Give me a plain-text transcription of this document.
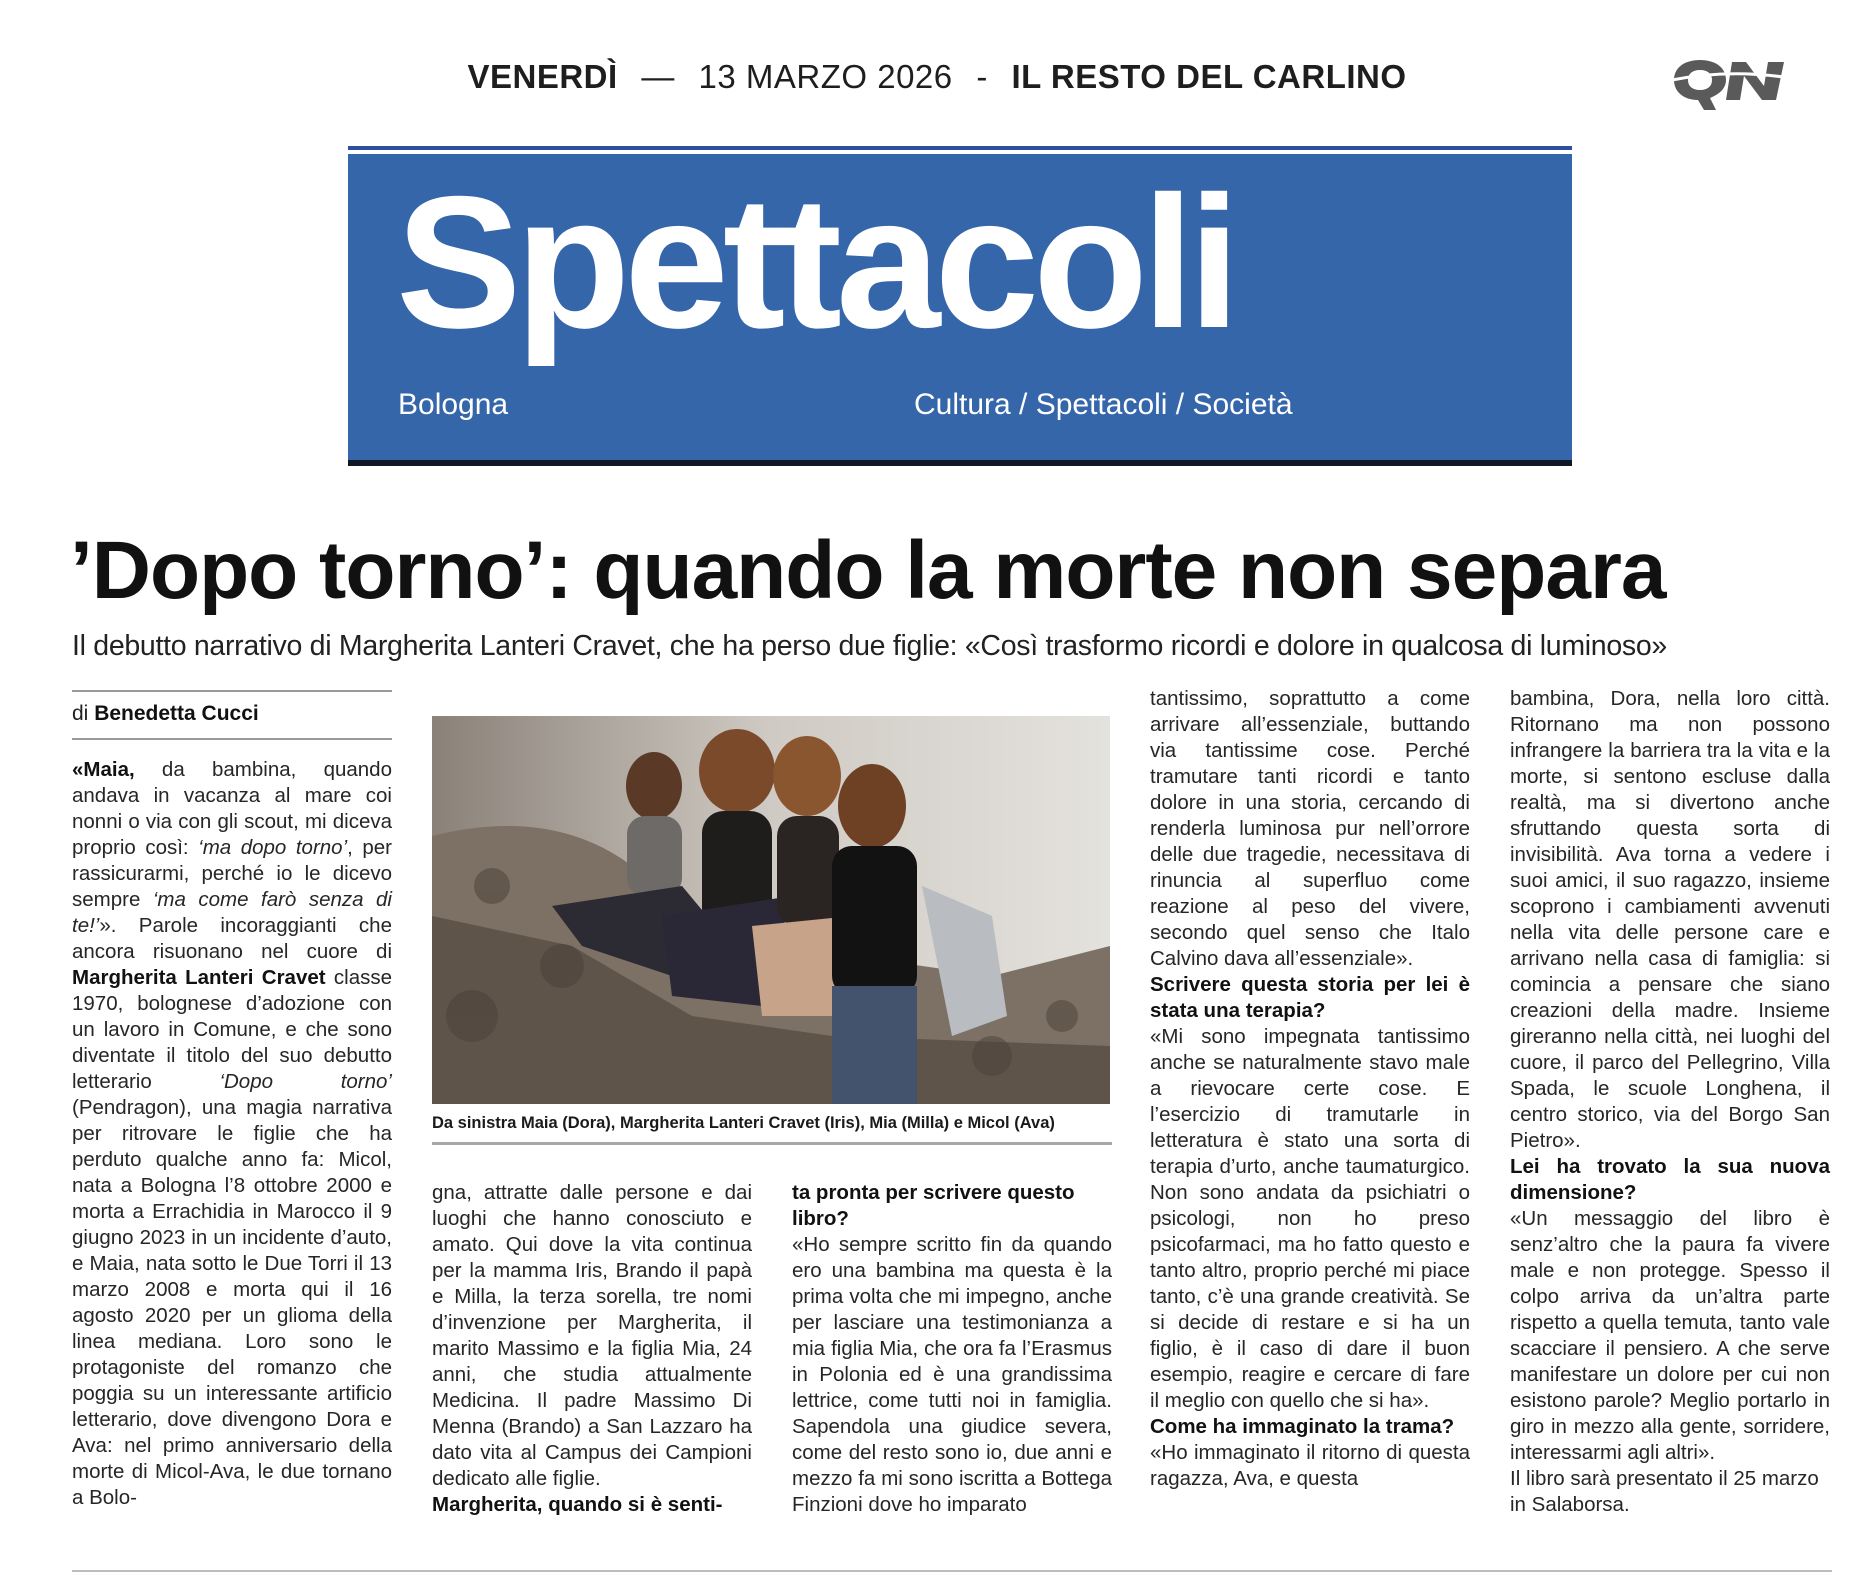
VENERDÌ — 13 MARZO 2026 - IL RESTO DEL CARLINO
Spettacoli
Bologna	Cultura / Spettacoli / Società
’Dopo torno’: quando la morte non separa
Il debutto narrativo di Margherita Lanteri Cravet, che ha perso due figlie: «Così trasformo ricordi e dolore in qualcosa di luminoso»
di Benedetta Cucci

«Maia, da bambina, quando andava in vacanza al mare coi nonni o via con gli scout, mi diceva proprio così: ‘ma dopo torno’, per rassicurarmi, perché io le dicevo sempre ‘ma come farò senza di te!’». Parole incoraggianti che ancora risuonano nel cuore di Margherita Lanteri Cravet classe 1970, bolognese d’adozione con un lavoro in Comune, e che sono diventate il titolo del suo debutto letterario ‘Dopo torno’ (Pendragon), una magia narrativa per ritrovare le figlie che ha perduto qualche anno fa: Micol, nata a Bologna l’8 ottobre 2000 e morta a Errachidia in Marocco il 9 giugno 2023 in un incidente d’auto, e Maia, nata sotto le Due Torri il 13 marzo 2008 e morta qui il 16 agosto 2020 per un glioma della linea mediana. Loro sono le protagoniste del romanzo che poggia su un interessante artificio letterario, dove divengono Dora e Ava: nel primo anniversario della morte di Micol-Ava, le due tornano a Bolo-

Da sinistra Maia (Dora), Margherita Lanteri Cravet (Iris), Mia (Milla) e Micol (Ava)

gna, attratte dalle persone e dai luoghi che hanno conosciuto e amato. Qui dove la vita continua per la mamma Iris, Brando il papà e Milla, la terza sorella, tre nomi d’invenzione per Margherita, il marito Massimo e la figlia Mia, 24 anni, che studia attualmente Medicina. Il padre Massimo Di Menna (Brando) a San Lazzaro ha dato vita al Campus dei Campioni dedicato alle figlie.

Margherita, quando si è senti-

ta pronta per scrivere questo libro?

«Ho sempre scritto fin da quando ero una bambina ma questa è la prima volta che mi impegno, anche per lasciare una testimonianza a mia figlia Mia, che ora fa l’Erasmus in Polonia ed è una grandissima lettrice, come tutti noi in famiglia. Sapendola una giudice severa, come del resto sono io, due anni e mezzo fa mi sono iscritta a Bottega Finzioni dove ho imparato

tantissimo, soprattutto a come arrivare all’essenziale, buttando via tantissime cose. Perché tramutare tanti ricordi e tanto dolore in una storia, cercando di renderla luminosa pur nell’orrore delle due tragedie, necessitava di rinuncia al superfluo come reazione al peso del vivere, secondo quel senso che Italo Calvino dava all’essenziale».

Scrivere questa storia per lei è stata una terapia?

«Mi sono impegnata tantissimo anche se naturalmente stavo male a rievocare certe cose. E l’esercizio di tramutarle in letteratura è stato una sorta di terapia d’urto, anche taumaturgico. Non sono andata da psichiatri o psicologi, non ho preso psicofarmaci, ma ho fatto questo e tanto altro, proprio perché mi piace tanto, c’è una grande creatività. Se si decide di restare e si ha un figlio, è il caso di dare il buon esempio, reagire e cercare di fare il meglio con quello che si ha».

Come ha immaginato la trama?

«Ho immaginato il ritorno di questa ragazza, Ava, e questa

bambina, Dora, nella loro città. Ritornano ma non possono infrangere la barriera tra la vita e la morte, si sentono escluse dalla realtà, ma si divertono anche sfruttando questa sorta di invisibilità. Ava torna a vedere i suoi amici, il suo ragazzo, insieme scoprono i cambiamenti avvenuti nella vita delle persone care e arrivano nella casa di famiglia: si comincia a pensare che siano creazioni della madre. Insieme gireranno nella città, nei luoghi del cuore, il parco del Pellegrino, Villa Spada, le scuole Longhena, il centro storico, via del Borgo San Pietro».

Lei ha trovato la sua nuova dimensione?

«Un messaggio del libro è senz’altro che la paura fa vivere male e non protegge. Spesso il colpo arriva da un’altra parte rispetto a quella temuta, tanto vale scacciare il pensiero. A che serve manifestare un dolore per cui non esistono parole? Meglio portarlo in giro in mezzo alla gente, sorridere, interessarmi agli altri».

Il libro sarà presentato il 25 marzo in Salaborsa.
